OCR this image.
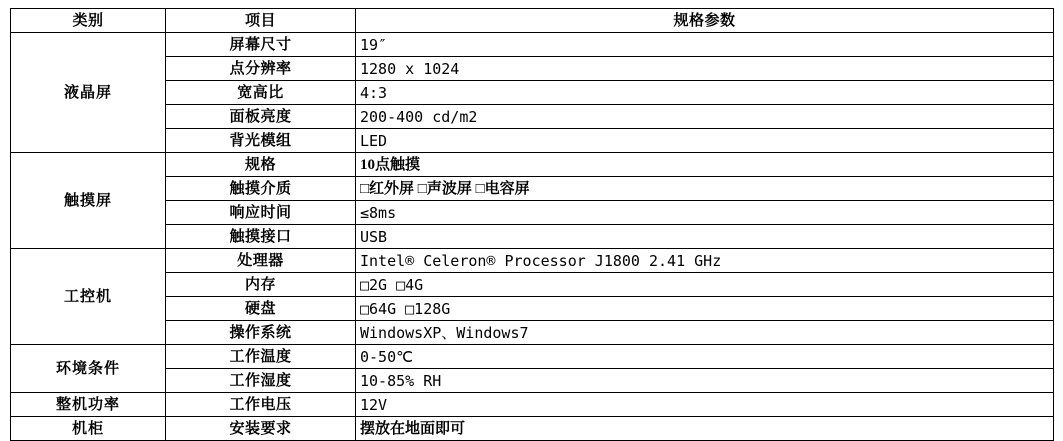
类别	项目	规格参数
液晶屏	屏幕尺寸	19″
	点分辨率	1280 x 1024
	宽高比	4:3
	面板亮度	200-400 cd/m2
	背光模组	LED
触摸屏	规格	10点触摸
	触摸介质	□红外屏 □声波屏 □电容屏
	响应时间	≤8ms
	触摸接口	USB
工控机	处理器	Intel® Celeron® Processor J1800 2.41 GHz
	内存	□2G □4G
	硬盘	□64G □128G
	操作系统	WindowsXP、Windows7
环境条件	工作温度	0-50℃
	工作湿度	10-85% RH
整机功率	工作电压	12V
机柜	安装要求	摆放在地面即可
